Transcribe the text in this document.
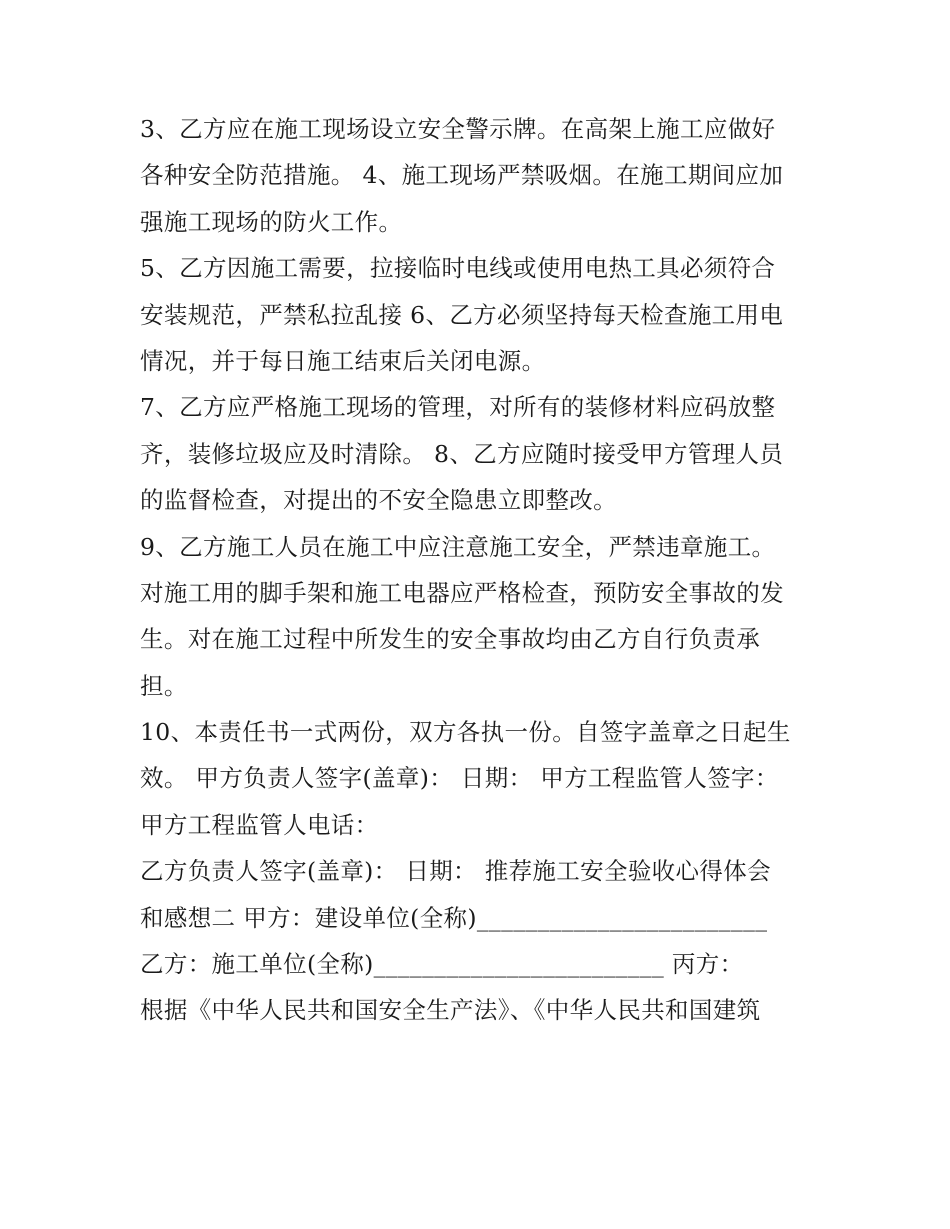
3、乙方应在施工现场设立安全警示牌。在高架上施工应做好
各种安全防范措施。 4、施工现场严禁吸烟。在施工期间应加
强施工现场的防火工作。
5、乙方因施工需要，拉接临时电线或使用电热工具必须符合
安装规范，严禁私拉乱接 6、乙方必须坚持每天检查施工用电
情况，并于每日施工结束后关闭电源。
7、乙方应严格施工现场的管理，对所有的装修材料应码放整
齐，装修垃圾应及时清除。 8、乙方应随时接受甲方管理人员
的监督检查，对提出的不安全隐患立即整改。
9、乙方施工人员在施工中应注意施工安全，严禁违章施工。
对施工用的脚手架和施工电器应严格检查，预防安全事故的发
生。对在施工过程中所发生的安全事故均由乙方自行负责承
担。
10、本责任书一式两份，双方各执一份。自签字盖章之日起生
效。 甲方负责人签字(盖章)： 日期： 甲方工程监管人签字：
甲方工程监管人电话：
乙方负责人签字(盖章)： 日期： 推荐施工安全验收心得体会
和感想二 甲方：建设单位(全称)________________________
乙方：施工单位(全称)________________________ 丙方：
根据《中华人民共和国安全生产法》、《中华人民共和国建筑
